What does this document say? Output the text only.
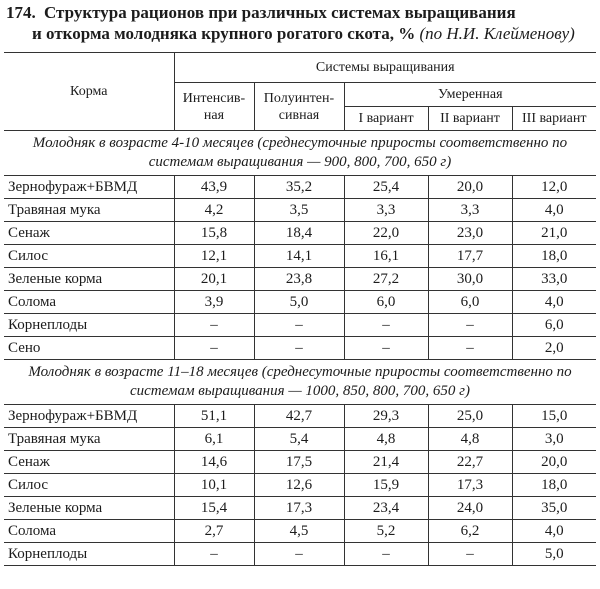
174. Структура рационов при различных системах выращивания
и откорма молодняка крупного рогатого скота, % (по Н.И. Клейменову)
Корма	Системы выращивания				
	Интенсив-ная	Полуинтен-сивная	Умеренная		
			I вариант	II вариант	III вариант
Молодняк в возрасте 4-10 месяцев (среднесуточные приросты соответственно по системам выращивания — 900, 800, 700, 650 г)					
Зернофураж+БВМД	43,9	35,2	25,4	20,0	12,0
Травяная мука	4,2	3,5	3,3	3,3	4,0
Сенаж	15,8	18,4	22,0	23,0	21,0
Силос	12,1	14,1	16,1	17,7	18,0
Зеленые корма	20,1	23,8	27,2	30,0	33,0
Солома	3,9	5,0	6,0	6,0	4,0
Корнеплоды	–	–	–	–	6,0
Сено	–	–	–	–	2,0
Молодняк в возрасте 11–18 месяцев (среднесуточные приросты соответственно по системам выращивания — 1000, 850, 800, 700, 650 г)					
Зернофураж+БВМД	51,1	42,7	29,3	25,0	15,0
Травяная мука	6,1	5,4	4,8	4,8	3,0
Сенаж	14,6	17,5	21,4	22,7	20,0
Силос	10,1	12,6	15,9	17,3	18,0
Зеленые корма	15,4	17,3	23,4	24,0	35,0
Солома	2,7	4,5	5,2	6,2	4,0
Корнеплоды	–	–	–	–	5,0
